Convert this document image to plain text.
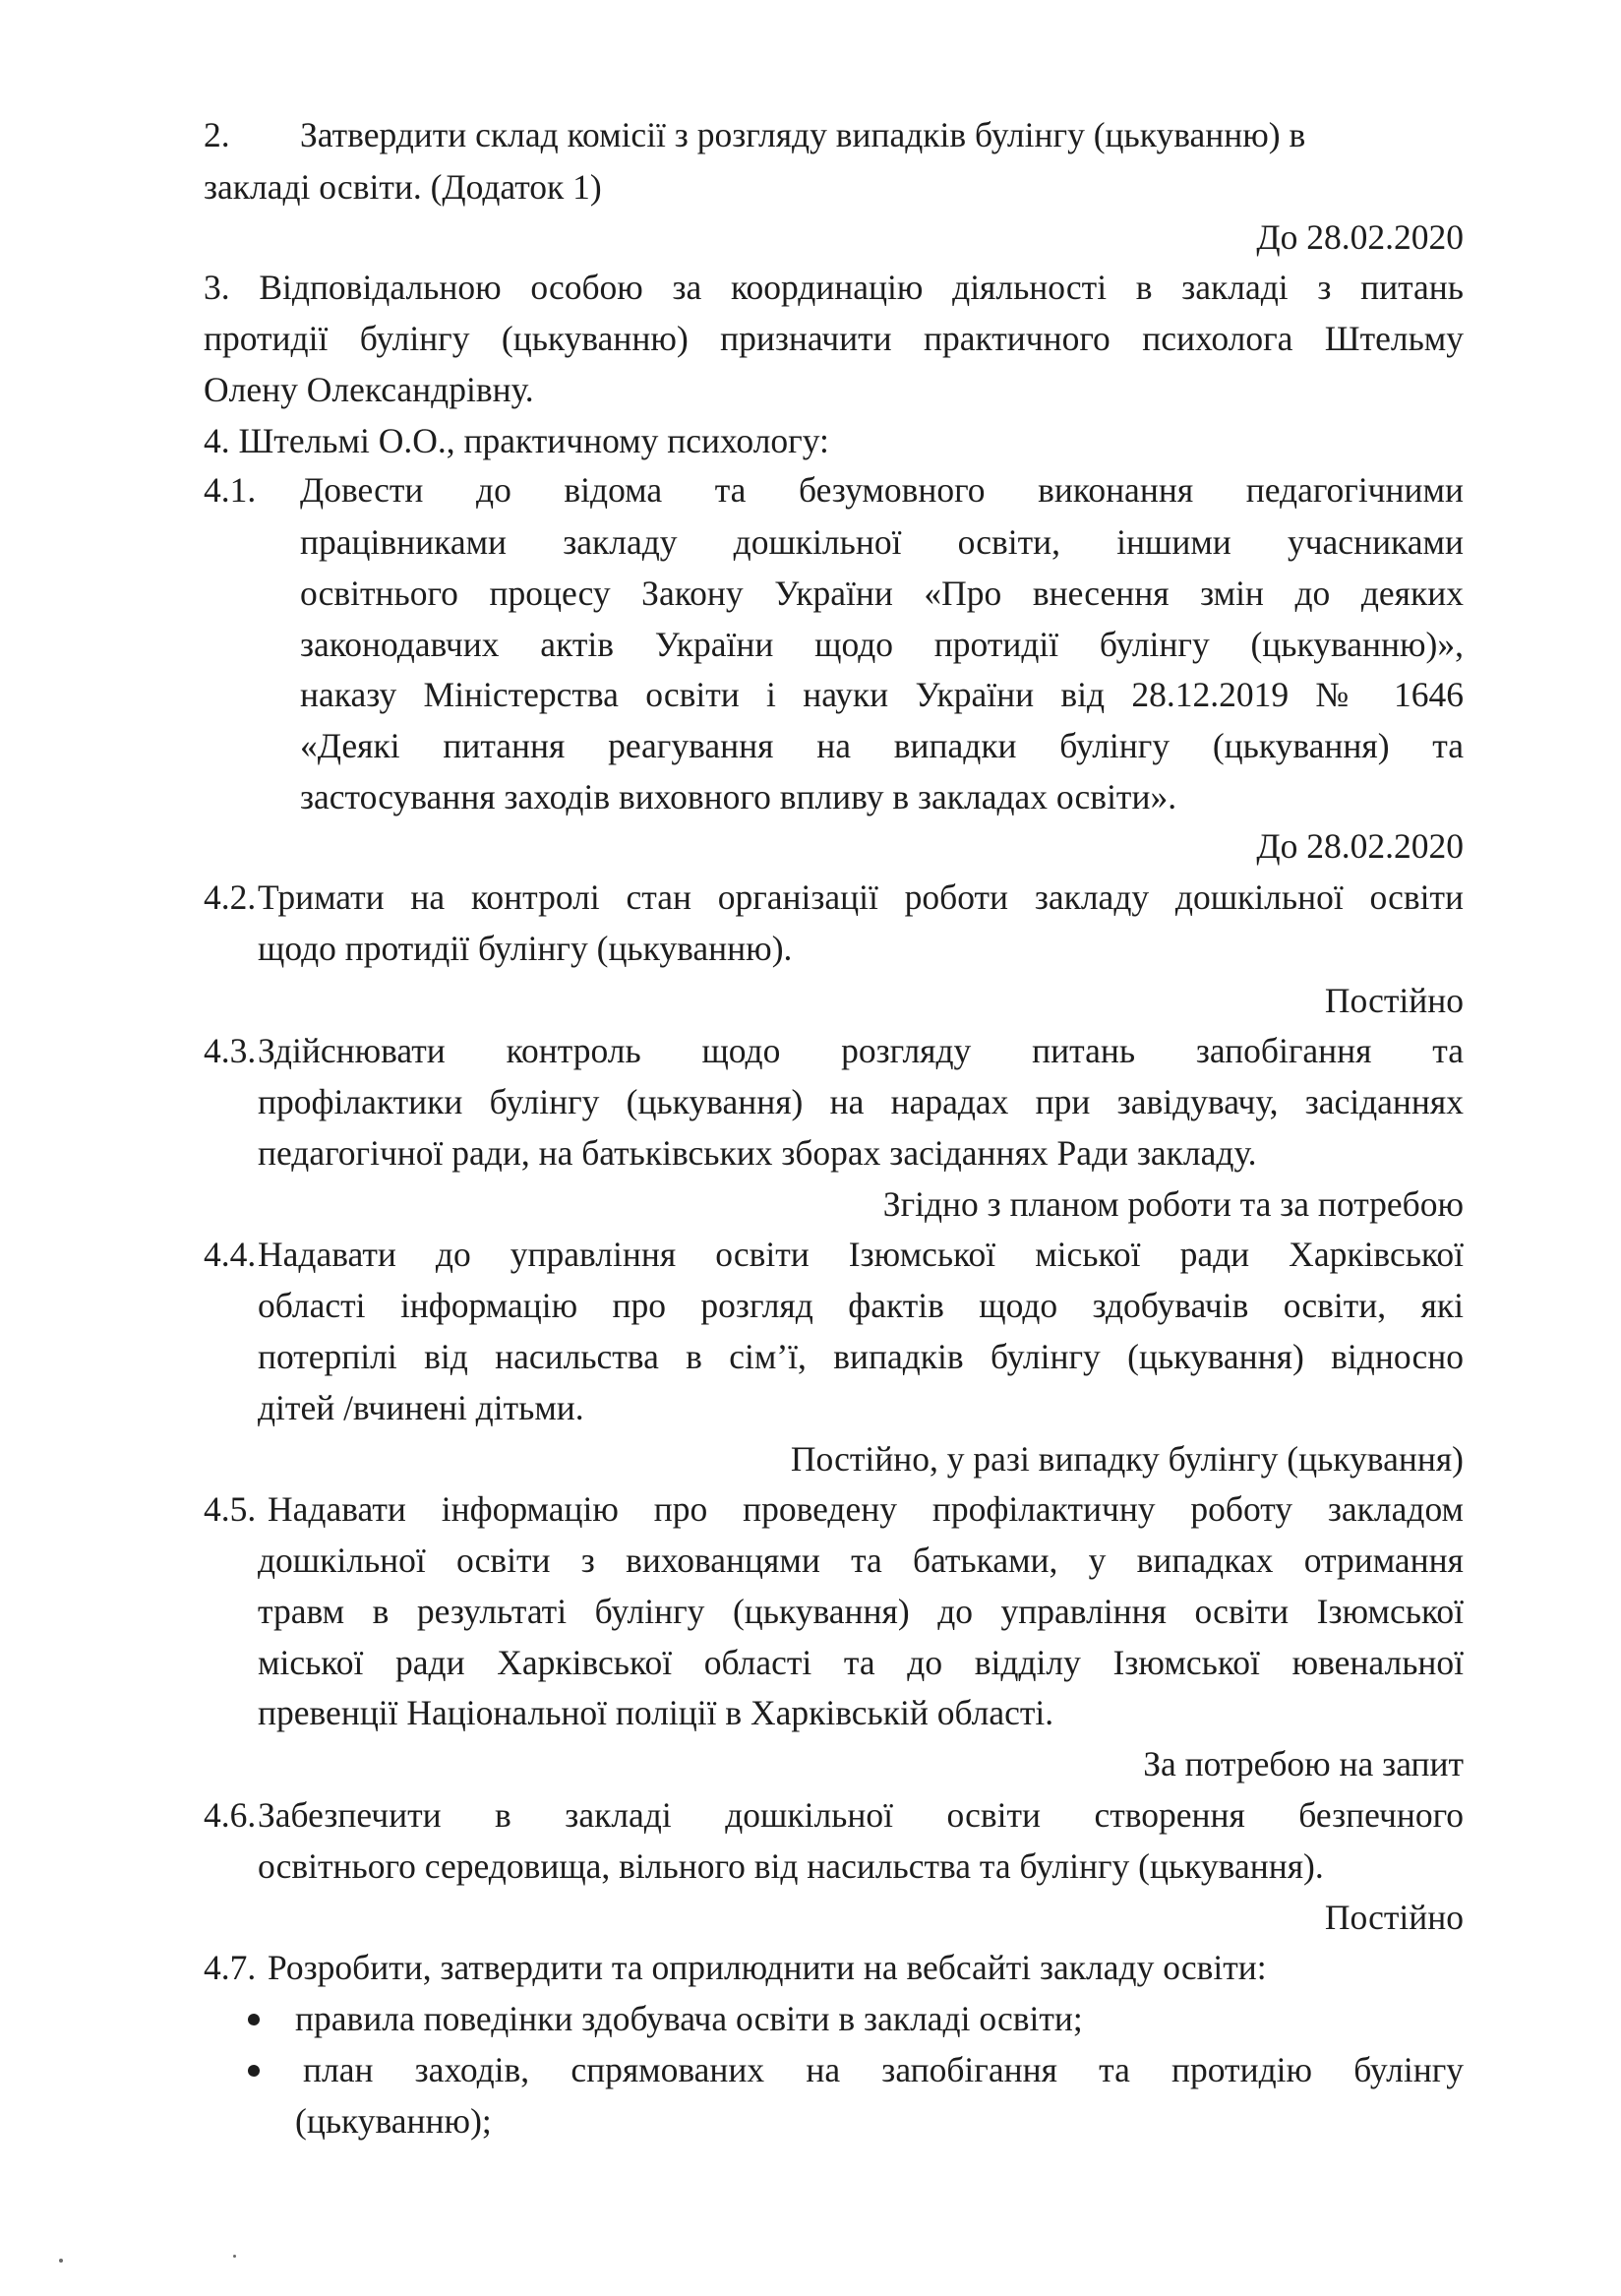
2. Затвердити склад комісії з розгляду випадків булінгу (цькуванню) в
закладі освіти. (Додаток 1)
До 28.02.2020
3. Відповідальною особою за координацію діяльності в закладі з питань
протидії булінгу (цькуванню) призначити практичного психолога Штельму
Олену Олександрівну.
4. Штельмі О.О., практичному психологу:
4.1. Довести до відома та безумовного виконання педагогічними
працівниками закладу дошкільної освіти, іншими учасниками
освітнього процесу Закону України «Про внесення змін до деяких
законодавчих актів України щодо протидії булінгу (цькуванню)»,
наказу Міністерства освіти і науки України від 28.12.2019 № 1646
«Деякі питання реагування на випадки булінгу (цькування) та
застосування заходів виховного впливу в закладах освіти».
До 28.02.2020
4.2. Тримати на контролі стан організації роботи закладу дошкільної освіти
щодо протидії булінгу (цькуванню).
Постійно
4.3. Здійснювати контроль щодо розгляду питань запобігання та
профілактики булінгу (цькування) на нарадах при завідувачу, засіданнях
педагогічної ради, на батьківських зборах засіданнях Ради закладу.
Згідно з планом роботи та за потребою
4.4. Надавати до управління освіти Ізюмської міської ради Харківської
області інформацію про розгляд фактів щодо здобувачів освіти, які
потерпілі від насильства в сім’ї, випадків булінгу (цькування) відносно
дітей /вчинені дітьми.
Постійно, у разі випадку булінгу (цькування)
4.5. Надавати інформацію про проведену профілактичну роботу закладом
дошкільної освіти з вихованцями та батьками, у випадках отримання
травм в результаті булінгу (цькування) до управління освіти Ізюмської
міської ради Харківської області та до відділу Ізюмської ювенальної
превенції Національної поліції в Харківській області.
За потребою на запит
4.6. Забезпечити в закладі дошкільної освіти створення безпечного
освітнього середовища, вільного від насильства та булінгу (цькування).
Постійно
4.7. Розробити, затвердити та оприлюднити на вебсайті закладу освіти:
правила поведінки здобувача освіти в закладі освіти;
план заходів, спрямованих на запобігання та протидію булінгу
(цькуванню);
